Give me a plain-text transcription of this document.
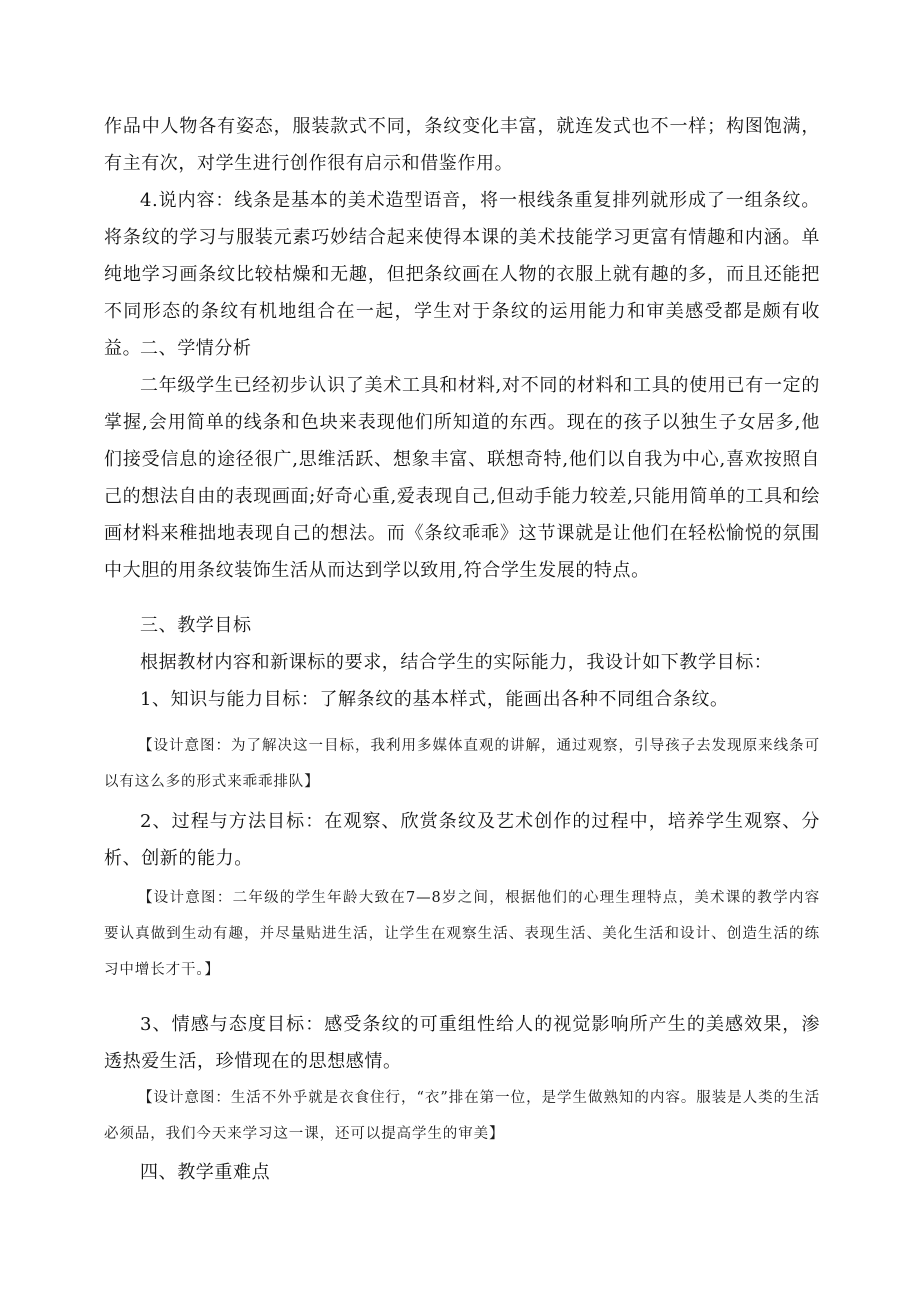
作品中人物各有姿态，服装款式不同，条纹变化丰富，就连发式也不一样；构图饱满，有主有次，对学生进行创作很有启示和借鉴作用。

4.说内容：线条是基本的美术造型语音，将一根线条重复排列就形成了一组条纹。将条纹的学习与服装元素巧妙结合起来使得本课的美术技能学习更富有情趣和内涵。单纯地学习画条纹比较枯燥和无趣，但把条纹画在人物的衣服上就有趣的多，而且还能把不同形态的条纹有机地组合在一起，学生对于条纹的运用能力和审美感受都是颇有收益。

二、学情分析

二年级学生已经初步认识了美术工具和材料,对不同的材料和工具的使用已有一定的掌握,会用简单的线条和色块来表现他们所知道的东西。现在的孩子以独生子女居多,他们接受信息的途径很广,思维活跃、想象丰富、联想奇特,他们以自我为中心,喜欢按照自己的想法自由的表现画面;好奇心重,爱表现自己,但动手能力较差,只能用简单的工具和绘画材料来稚拙地表现自己的想法。而《条纹乖乖》这节课就是让他们在轻松愉悦的氛围中大胆的用条纹装饰生活从而达到学以致用,符合学生发展的特点。

三、教学目标

根据教材内容和新课标的要求，结合学生的实际能力，我设计如下教学目标：

1、知识与能力目标：了解条纹的基本样式，能画出各种不同组合条纹。

【设计意图：为了解决这一目标，我利用多媒体直观的讲解，通过观察，引导孩子去发现原来线条可以有这么多的形式来乖乖排队】

2、过程与方法目标：在观察、欣赏条纹及艺术创作的过程中，培养学生观察、分析、创新的能力。

【设计意图：二年级的学生年龄大致在7—8岁之间，根据他们的心理生理特点，美术课的教学内容要认真做到生动有趣，并尽量贴进生活，让学生在观察生活、表现生活、美化生活和设计、创造生活的练习中增长才干。】

3、情感与态度目标：感受条纹的可重组性给人的视觉影响所产生的美感效果，渗透热爱生活，珍惜现在的思想感情。

【设计意图：生活不外乎就是衣食住行，“衣”排在第一位，是学生做熟知的内容。服装是人类的生活必须品，我们今天来学习这一课，还可以提高学生的审美】

四、教学重难点
